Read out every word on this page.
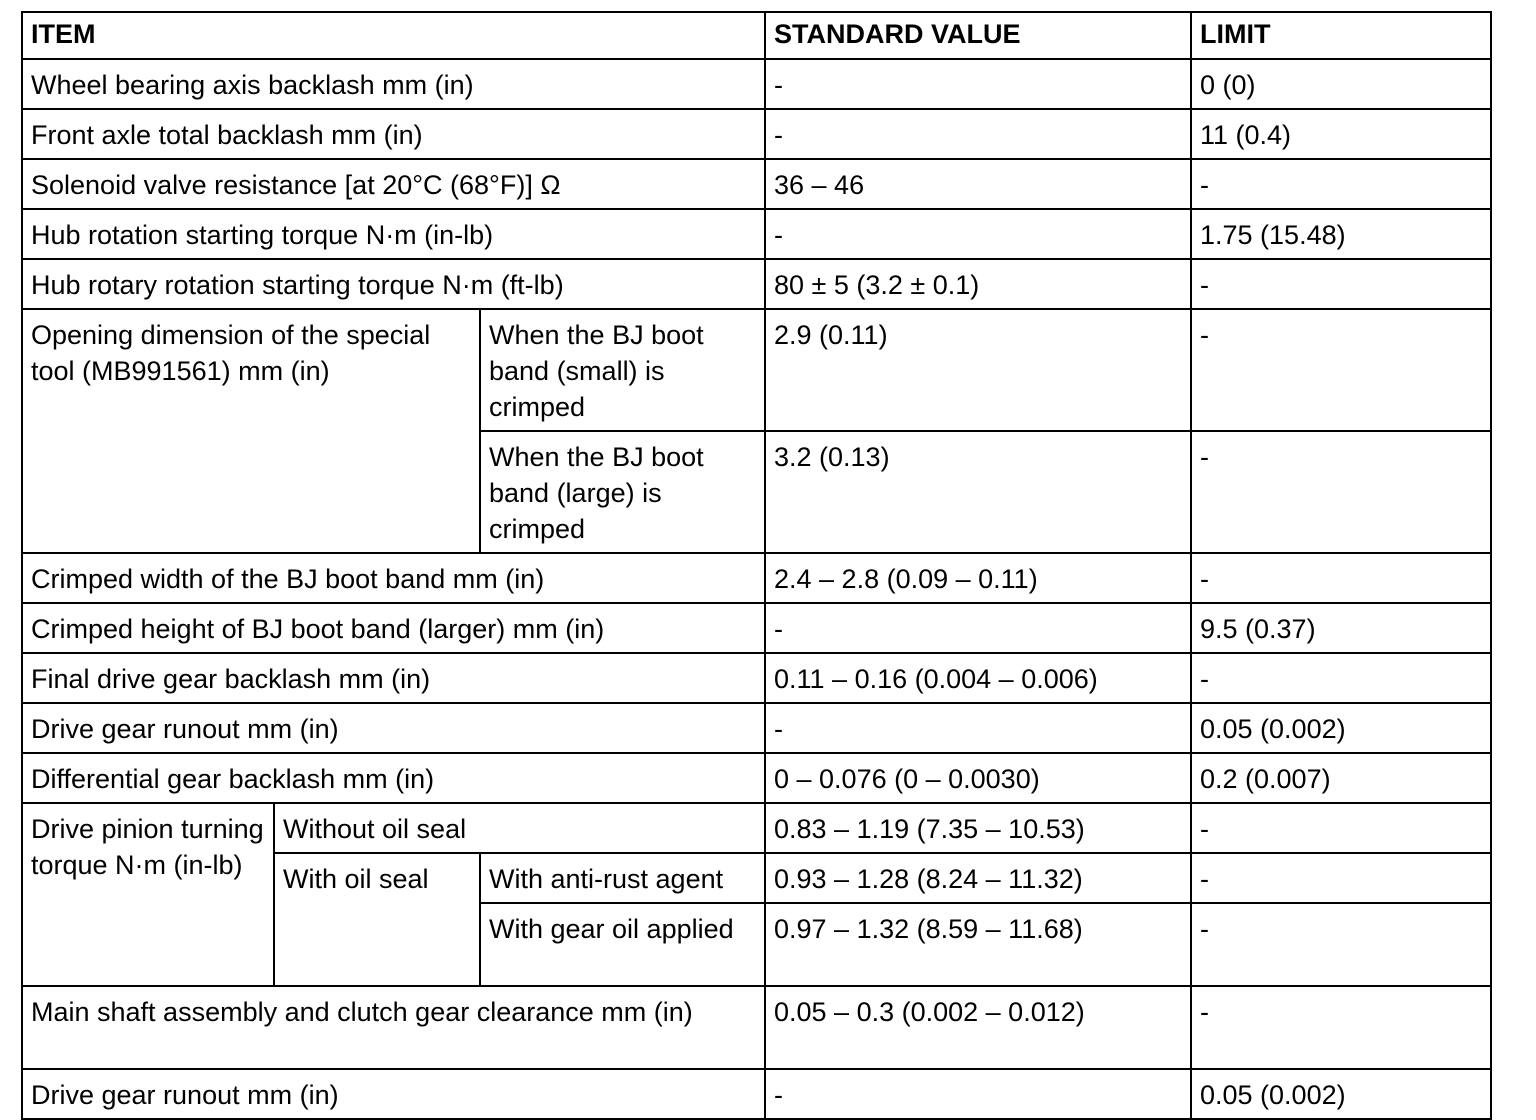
ITEM			STANDARD VALUE	LIMIT
Wheel bearing axis backlash mm (in)			-	0 (0)
Front axle total backlash mm (in)			-	11 (0.4)
Solenoid valve resistance [at 20°C (68°F)] Ω			36 – 46	-
Hub rotation starting torque N·m (in-lb)			-	1.75 (15.48)
Hub rotary rotation starting torque N·m (ft-lb)			80 ± 5 (3.2 ± 0.1)	-
Opening dimension of the special tool (MB991561) mm (in)		When the BJ boot band (small) is crimped	2.9 (0.11)	-
		When the BJ boot band (large) is crimped	3.2 (0.13)	-
Crimped width of the BJ boot band mm (in)			2.4 – 2.8 (0.09 – 0.11)	-
Crimped height of BJ boot band (larger) mm (in)			-	9.5 (0.37)
Final drive gear backlash mm (in)			0.11 – 0.16 (0.004 – 0.006)	-
Drive gear runout mm (in)			-	0.05 (0.002)
Differential gear backlash mm (in)			0 – 0.076 (0 – 0.0030)	0.2 (0.007)
Drive pinion turning torque N·m (in-lb)	Without oil seal		0.83 – 1.19 (7.35 – 10.53)	-
	With oil seal	With anti-rust agent	0.93 – 1.28 (8.24 – 11.32)	-
		With gear oil applied	0.97 – 1.32 (8.59 – 11.68)	-
Main shaft assembly and clutch gear clearance mm (in)			0.05 – 0.3 (0.002 – 0.012)	-
Drive gear runout mm (in)			-	0.05 (0.002)
